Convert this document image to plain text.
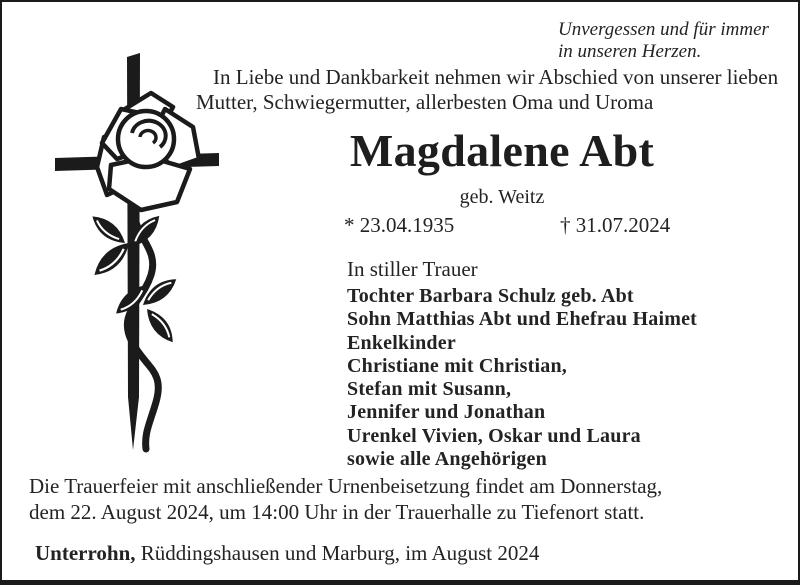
Unvergessen und für immer
in unseren Herzen.
In Liebe und Dankbarkeit nehmen wir Abschied von unserer lieben
Mutter, Schwiegermutter, allerbesten Oma und Uroma
Magdalene Abt
geb. Weitz
* 23.04.1935	† 31.07.2024
In stiller Trauer
Tochter Barbara Schulz geb. Abt
Sohn Matthias Abt und Ehefrau Haimet
Enkelkinder
Christiane mit Christian,
Stefan mit Susann,
Jennifer und Jonathan
Urenkel Vivien, Oskar und Laura
sowie alle Angehörigen
Die Trauerfeier mit anschließender Urnenbeisetzung findet am Donnerstag,
dem 22. August 2024, um 14:00 Uhr in der Trauerhalle zu Tiefenort statt.
Unterrohn, Rüddingshausen und Marburg, im August 2024
